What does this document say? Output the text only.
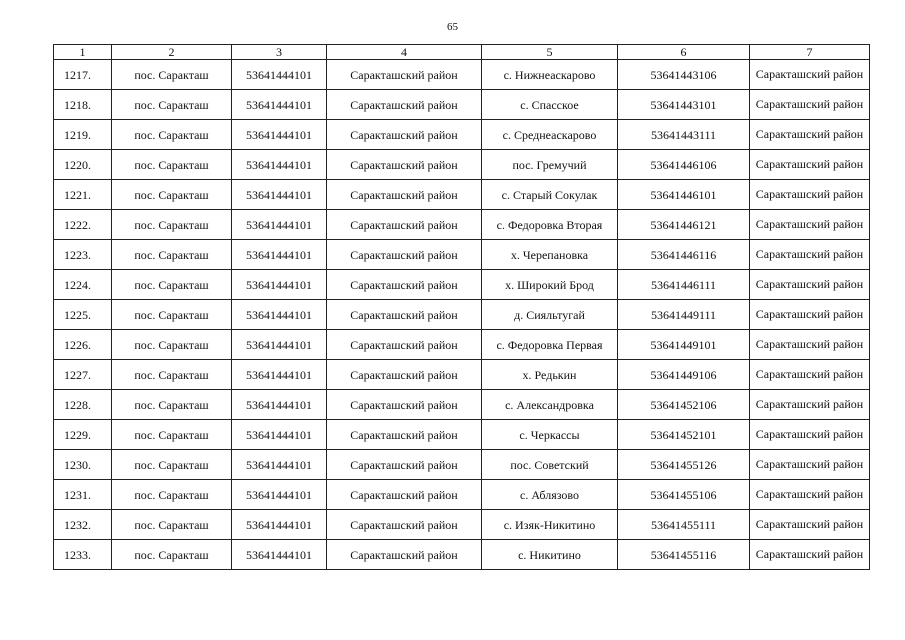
65
1	2	3	4	5	6	7
1217.	пос. Саракташ	53641444101	Саракташский район	с. Нижнеаскарово	53641443106	Саракташский район
1218.	пос. Саракташ	53641444101	Саракташский район	с. Спасское	53641443101	Саракташский район
1219.	пос. Саракташ	53641444101	Саракташский район	с. Среднеаскарово	53641443111	Саракташский район
1220.	пос. Саракташ	53641444101	Саракташский район	пос. Гремучий	53641446106	Саракташский район
1221.	пос. Саракташ	53641444101	Саракташский район	с. Старый Сокулак	53641446101	Саракташский район
1222.	пос. Саракташ	53641444101	Саракташский район	с. Федоровка Вторая	53641446121	Саракташский район
1223.	пос. Саракташ	53641444101	Саракташский район	х. Черепановка	53641446116	Саракташский район
1224.	пос. Саракташ	53641444101	Саракташский район	х. Широкий Брод	53641446111	Саракташский район
1225.	пос. Саракташ	53641444101	Саракташский район	д. Сияльтугай	53641449111	Саракташский район
1226.	пос. Саракташ	53641444101	Саракташский район	с. Федоровка Первая	53641449101	Саракташский район
1227.	пос. Саракташ	53641444101	Саракташский район	х. Редькин	53641449106	Саракташский район
1228.	пос. Саракташ	53641444101	Саракташский район	с. Александровка	53641452106	Саракташский район
1229.	пос. Саракташ	53641444101	Саракташский район	с. Черкассы	53641452101	Саракташский район
1230.	пос. Саракташ	53641444101	Саракташский район	пос. Советский	53641455126	Саракташский район
1231.	пос. Саракташ	53641444101	Саракташский район	с. Аблязово	53641455106	Саракташский район
1232.	пос. Саракташ	53641444101	Саракташский район	с. Изяк-Никитино	53641455111	Саракташский район
1233.	пос. Саракташ	53641444101	Саракташский район	с. Никитино	53641455116	Саракташский район
